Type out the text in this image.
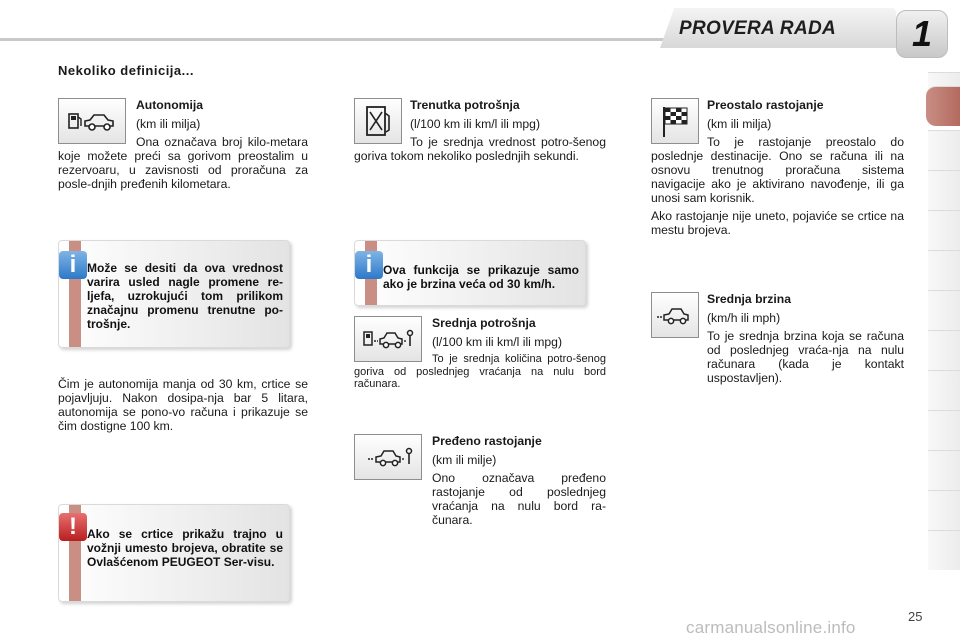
PROVERA RADA	1
Nekoliko definicija...
Autonomija
(km ili milja)
Ona označava broj kilo-metara koje možete preći sa gorivom preostalim u rezervoaru, u zavisnosti od proračuna za posle-dnjih pređenih kilometara.
i Može se desiti da ova vrednost varira usled nagle promene re-ljefa, uzrokujući tom prilikom značajnu promenu trenutne po-trošnje.
Čim je autonomija manja od 30 km, crtice se pojavljuju. Nakon dosipa-nja bar 5 litara, autonomija se pono-vo računa i prikazuje se čim dostigne 100 km.
! Ako se crtice prikažu trajno u vožnji umesto brojeva, obratite se Ovlašćenom PEUGEOT Ser-visu.
Trenutka potrošnja
(l/100 km ili km/l ili mpg)
To je srednja vrednost potro-šenog goriva tokom nekoliko poslednjih sekundi.
i Ova funkcija se prikazuje samo ako je brzina veća od 30 km/h.
Srednja potrošnja
(l/100 km ili km/l ili mpg)
To je srednja količina potro-šenog goriva od poslednjeg vraćanja na nulu bord računara.
Pređeno rastojanje
(km ili milje)
Ono označava pređeno rastojanje od poslednjeg vraćanja na nulu bord ra-čunara.
Preostalo rastojanje
(km ili milja)
To je rastojanje preostalo do poslednje destinacije. Ono se računa ili na osnovu trenutnog proračuna sistema navigacije ako je aktivirano navođenje, ili ga unosi sam korisnik.
Ako rastojanje nije uneto, pojaviće se crtice na mestu brojeva.
Srednja brzina
(km/h ili mph)
To je srednja brzina koja se računa od poslednjeg vraća-nja na nulu računara (kada je kontakt uspostavljen).
25
carmanualsonline.info
